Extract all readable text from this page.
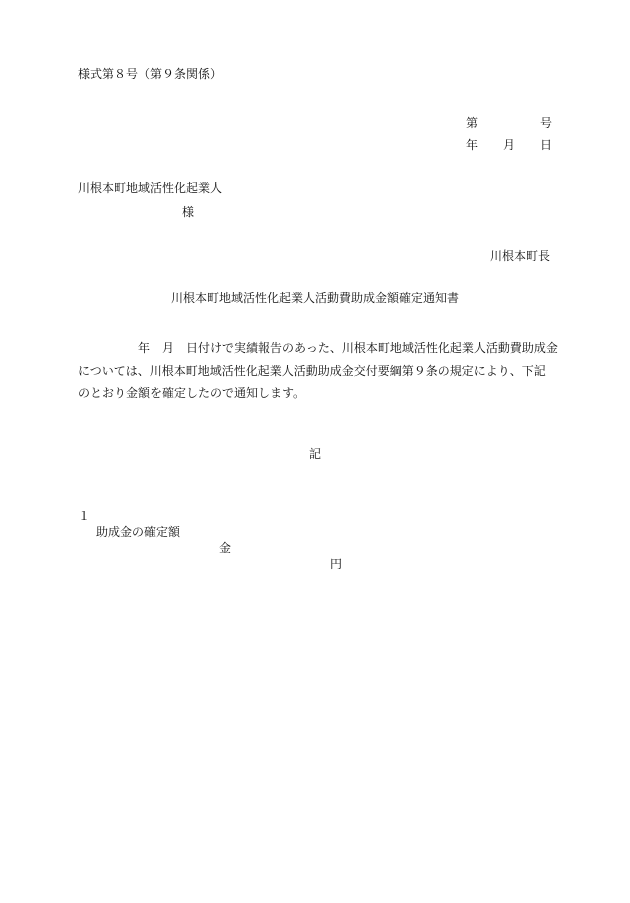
様式第８号（第９条関係）
第	号
年 月 日
川根本町地域活性化起業人
様
川根本町長
川根本町地域活性化起業人活動費助成金額確定通知書
　　　　　年　月　日付けで実績報告のあった、川根本町地域活性化起業人活動費助成金
については、川根本町地域活性化起業人活動助成金交付要綱第９条の規定により、下記
のとおり金額を確定したので通知します。
記

１

助成金の確定額

金

円
